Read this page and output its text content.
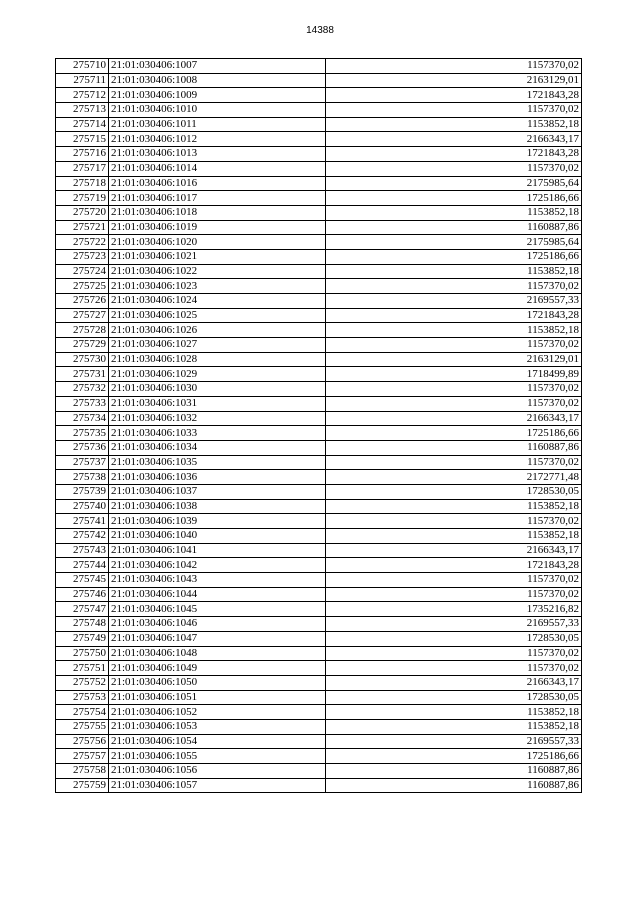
14388
275710	21:01:030406:1007	1157370,02
275711	21:01:030406:1008	2163129,01
275712	21:01:030406:1009	1721843,28
275713	21:01:030406:1010	1157370,02
275714	21:01:030406:1011	1153852,18
275715	21:01:030406:1012	2166343,17
275716	21:01:030406:1013	1721843,28
275717	21:01:030406:1014	1157370,02
275718	21:01:030406:1016	2175985,64
275719	21:01:030406:1017	1725186,66
275720	21:01:030406:1018	1153852,18
275721	21:01:030406:1019	1160887,86
275722	21:01:030406:1020	2175985,64
275723	21:01:030406:1021	1725186,66
275724	21:01:030406:1022	1153852,18
275725	21:01:030406:1023	1157370,02
275726	21:01:030406:1024	2169557,33
275727	21:01:030406:1025	1721843,28
275728	21:01:030406:1026	1153852,18
275729	21:01:030406:1027	1157370,02
275730	21:01:030406:1028	2163129,01
275731	21:01:030406:1029	1718499,89
275732	21:01:030406:1030	1157370,02
275733	21:01:030406:1031	1157370,02
275734	21:01:030406:1032	2166343,17
275735	21:01:030406:1033	1725186,66
275736	21:01:030406:1034	1160887,86
275737	21:01:030406:1035	1157370,02
275738	21:01:030406:1036	2172771,48
275739	21:01:030406:1037	1728530,05
275740	21:01:030406:1038	1153852,18
275741	21:01:030406:1039	1157370,02
275742	21:01:030406:1040	1153852,18
275743	21:01:030406:1041	2166343,17
275744	21:01:030406:1042	1721843,28
275745	21:01:030406:1043	1157370,02
275746	21:01:030406:1044	1157370,02
275747	21:01:030406:1045	1735216,82
275748	21:01:030406:1046	2169557,33
275749	21:01:030406:1047	1728530,05
275750	21:01:030406:1048	1157370,02
275751	21:01:030406:1049	1157370,02
275752	21:01:030406:1050	2166343,17
275753	21:01:030406:1051	1728530,05
275754	21:01:030406:1052	1153852,18
275755	21:01:030406:1053	1153852,18
275756	21:01:030406:1054	2169557,33
275757	21:01:030406:1055	1725186,66
275758	21:01:030406:1056	1160887,86
275759	21:01:030406:1057	1160887,86
